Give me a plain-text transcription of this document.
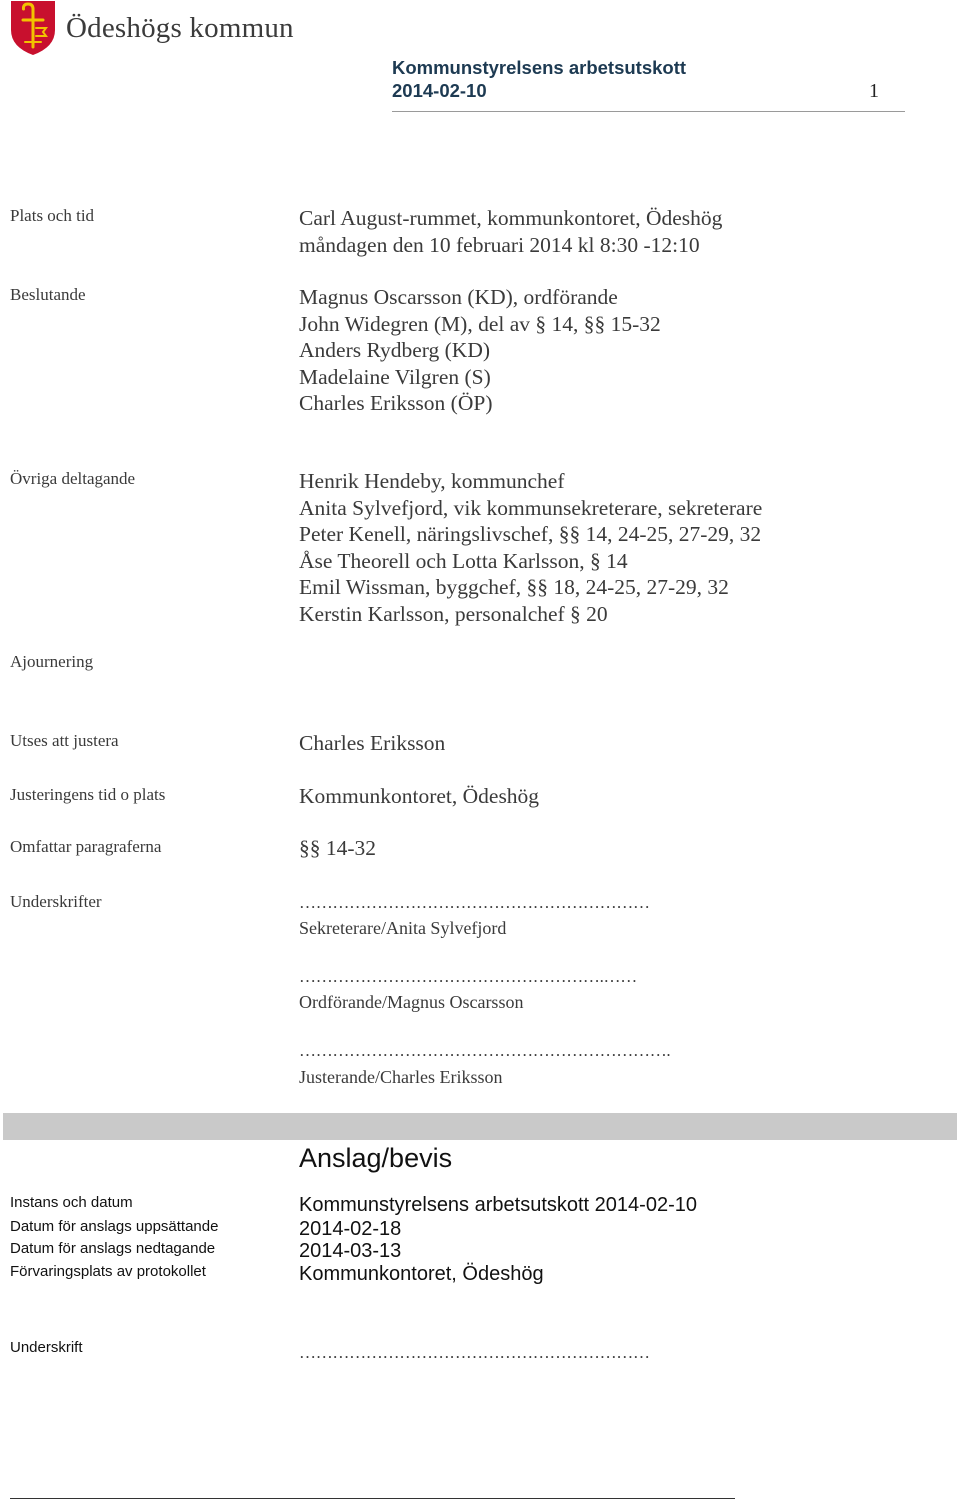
Ödeshögs kommun
Kommunstyrelsens arbetsutskott
2014-02-10	1
Plats och tid	Carl August-rummet, kommunkontoret, Ödeshög
måndagen den 10 februari 2014 kl 8:30 -12:10
Beslutande	Magnus Oscarsson (KD), ordförande
John Widegren (M), del av § 14, §§ 15-32
Anders Rydberg (KD)
Madelaine Vilgren (S)
Charles Eriksson (ÖP)
Övriga deltagande	Henrik Hendeby, kommunchef
Anita Sylvefjord, vik kommunsekreterare, sekreterare
Peter Kenell, näringslivschef, §§ 14, 24-25, 27-29, 32
Åse Theorell och Lotta Karlsson, § 14
Emil Wissman, byggchef, §§ 18, 24-25, 27-29, 32
Kerstin Karlsson, personalchef § 20
Ajournering
Utses att justera	Charles Eriksson
Justeringens tid o plats	Kommunkontoret, Ödeshög
Omfattar paragraferna	§§ 14-32
Underskrifter	………………………………………………………
Sekreterare/Anita Sylvefjord
……………………………………………….……
Ordförande/Magnus Oscarsson
………………………………………………………….
Justerande/Charles Eriksson
Anslag/bevis
Instans och datum	Kommunstyrelsens arbetsutskott 2014-02-10
Datum för anslags uppsättande	2014-02-18
Datum för anslags nedtagande	2014-03-13
Förvaringsplats av protokollet	Kommunkontoret, Ödeshög
Underskrift	………………………………………………………
